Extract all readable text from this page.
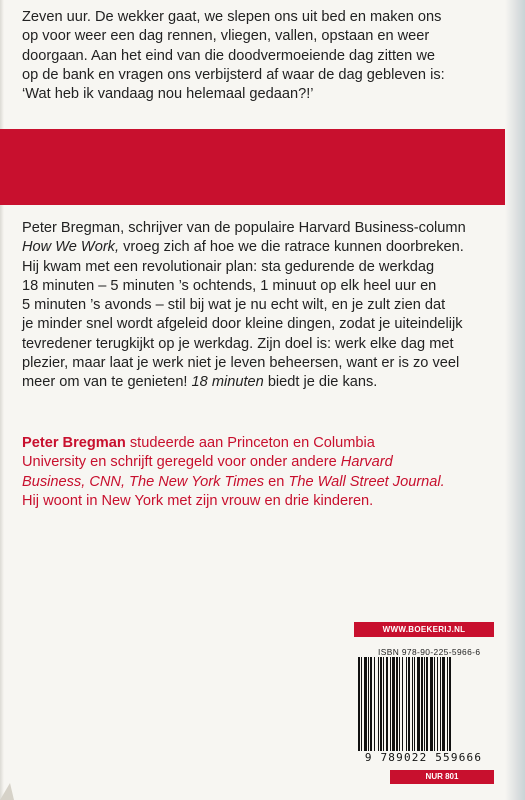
Zeven uur. De wekker gaat, we slepen ons uit bed en maken ons
op voor weer een dag rennen, vliegen, vallen, opstaan en weer
doorgaan. Aan het eind van die doodvermoeiende dag zitten we
op de bank en vragen ons verbijsterd af waar de dag gebleven is:
‘Wat heb ik vandaag nou helemaal gedaan?!’
Peter Bregman, schrijver van de populaire Harvard Business-column
How We Work, vroeg zich af hoe we die ratrace kunnen doorbreken.
Hij kwam met een revolutionair plan: sta gedurende de werkdag
18 minuten – 5 minuten ’s ochtends, 1 minuut op elk heel uur en
5 minuten ’s avonds – stil bij wat je nu echt wilt, en je zult zien dat
je minder snel wordt afgeleid door kleine dingen, zodat je uiteindelijk
tevredener terugkijkt op je werkdag. Zijn doel is: werk elke dag met
plezier, maar laat je werk niet je leven beheersen, want er is zo veel
meer om van te genieten! 18 minuten biedt je die kans.
Peter Bregman studeerde aan Princeton en Columbia
University en schrijft geregeld voor onder andere Harvard
Business, CNN, The New York Times en The Wall Street Journal.
Hij woont in New York met zijn vrouw en drie kinderen.
WWW.BOEKERIJ.NL
ISBN 978-90-225-5966-6
9 789022 559666
NUR 801
